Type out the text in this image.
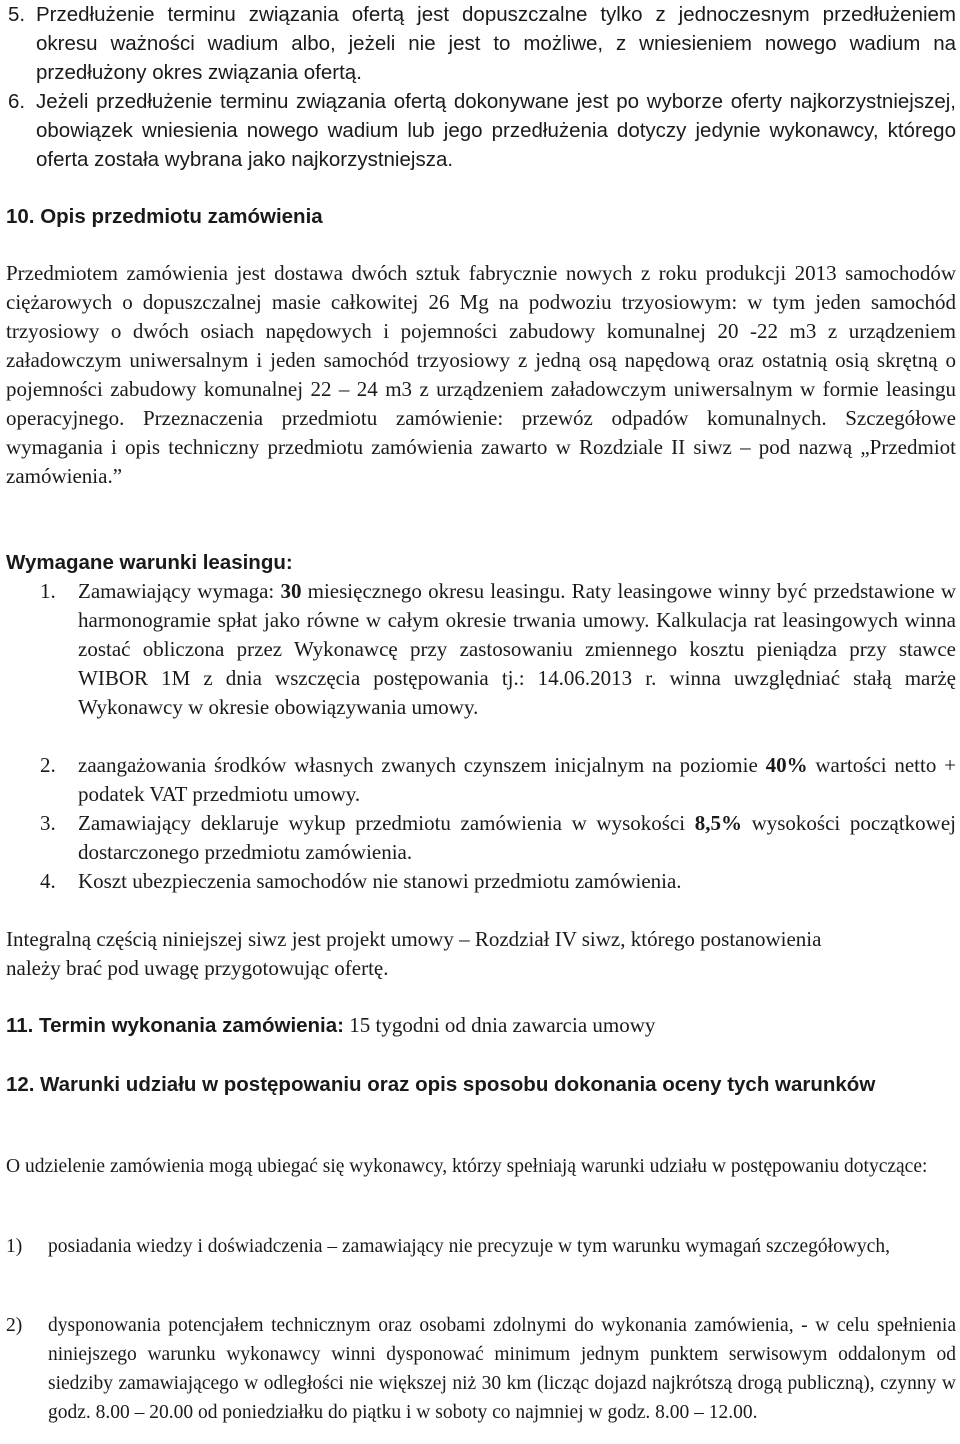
5. Przedłużenie terminu związania ofertą jest dopuszczalne tylko z jednoczesnym przedłużeniem okresu ważności wadium albo, jeżeli nie jest to możliwe, z wniesieniem nowego wadium na przedłużony okres związania ofertą.
6. Jeżeli przedłużenie terminu związania ofertą dokonywane jest po wyborze oferty najkorzystniejszej, obowiązek wniesienia nowego wadium lub jego przedłużenia dotyczy jedynie wykonawcy, którego oferta została wybrana jako najkorzystniejsza.
10. Opis przedmiotu zamówienia
Przedmiotem zamówienia jest dostawa dwóch sztuk fabrycznie nowych z roku produkcji 2013 samochodów ciężarowych o dopuszczalnej masie całkowitej 26 Mg na podwoziu trzyosiowym: w tym jeden samochód trzyosiowy o dwóch osiach napędowych i pojemności zabudowy komunalnej 20 -22 m3 z urządzeniem załadowczym uniwersalnym i jeden samochód trzyosiowy z jedną osą napędową oraz ostatnią osią skrętną o pojemności zabudowy komunalnej 22 – 24 m3 z urządzeniem załadowczym uniwersalnym w formie leasingu operacyjnego. Przeznaczenia przedmiotu zamówienie: przewóz odpadów komunalnych. Szczegółowe wymagania i opis techniczny przedmiotu zamówienia zawarto w Rozdziale II siwz – pod nazwą „Przedmiot zamówienia.”
Wymagane warunki leasingu:
1. Zamawiający wymaga: 30 miesięcznego okresu leasingu. Raty leasingowe winny być przedstawione w harmonogramie spłat jako równe w całym okresie trwania umowy. Kalkulacja rat leasingowych winna zostać obliczona przez Wykonawcę przy zastosowaniu zmiennego kosztu pieniądza przy stawce WIBOR 1M z dnia wszczęcia postępowania tj.: 14.06.2013 r. winna uwzględniać stałą marżę Wykonawcy w okresie obowiązywania umowy.
2. zaangażowania środków własnych zwanych czynszem inicjalnym na poziomie 40% wartości netto + podatek VAT przedmiotu umowy.
3. Zamawiający deklaruje wykup przedmiotu zamówienia w wysokości 8,5% wysokości początkowej dostarczonego przedmiotu zamówienia.
4. Koszt ubezpieczenia samochodów nie stanowi przedmiotu zamówienia.
Integralną częścią niniejszej siwz jest projekt umowy – Rozdział IV siwz, którego postanowienia należy brać pod uwagę przygotowując ofertę.
11. Termin wykonania zamówienia: 15 tygodni od dnia zawarcia umowy
12. Warunki udziału w postępowaniu oraz opis sposobu dokonania oceny tych warunków
O udzielenie zamówienia mogą ubiegać się wykonawcy, którzy spełniają warunki udziału w postępowaniu dotyczące:
1) posiadania wiedzy i doświadczenia – zamawiający nie precyzuje w tym warunku wymagań szczegółowych,
2) dysponowania potencjałem technicznym oraz osobami zdolnymi do wykonania zamówienia, - w celu spełnienia niniejszego warunku wykonawcy winni dysponować minimum jednym punktem serwisowym oddalonym od siedziby zamawiającego w odległości nie większej niż 30 km (licząc dojazd najkrótszą drogą publiczną), czynny w godz. 8.00 – 20.00 od poniedziałku do piątku i w soboty co najmniej w godz. 8.00 – 12.00.
